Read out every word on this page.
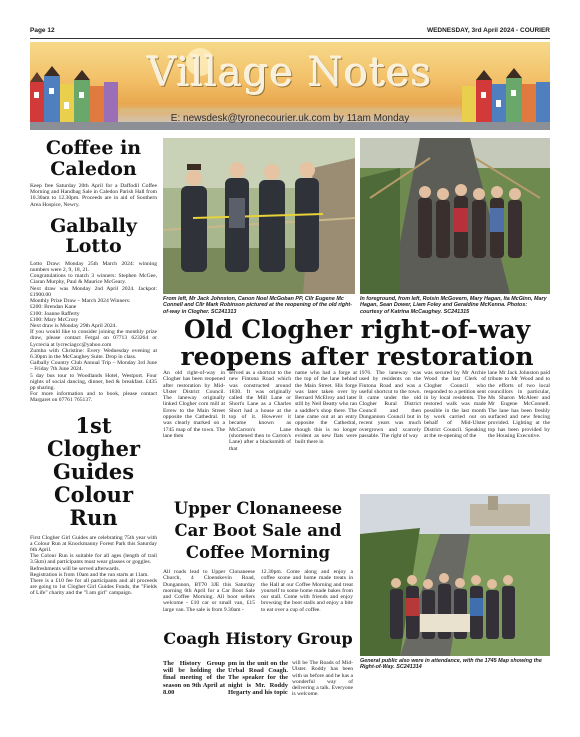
Page 12	WEDNESDAY, 3rd April 2024 - COURIER
Village Notes
E: newsdesk@tyronecourier.uk.com by 11am Monday
Coffee in Caledon
Keep free Saturday 20th April for a Daffodil Coffee Morning and Handbag Sale in Caledon Parish Hall from 10.30am to 12.30pm. Proceeds are in aid of Southern Area Hospice, Newry.
Galbally Lotto

Lotto Draw: Monday 25th March 2024: winning numbers were 2, 9, 18, 21.

Congratulations to match 3 winners: Stephen McGee, Ciaran Murphy, Paul & Maurice McGeary.

Next draw was Monday 2nd April 2024. Jackpot: £1900.00

Monthly Prize Draw – March 2024 Winners:

£200: Brendan Kane

£100: Joanne Rafferty

£100: Mary McCrory

Next draw is Monday 29th April 2024.

If you would like to consider joining the monthly prize draw, please contact Fergal on 07713 623264 or Lycrecia at lycreciagcc@yahoo.com

Zumba with Christine: Every Wednesday evening at 6.30pm in the McCaughey Suite. Drop in class.

Galbally Country Club Annual Trip – Monday 3rd June – Friday 7th June 2024.

5 day bus tour to Woodlands Hotel, Westport. Four nights of social dancing, dinner, bed & breakfast. £435 pp sharing.

For more information and to book, please contact Margaret on 07761 765137.

1st Clogher Guides Colour Run

First Clogher Girl Guides are celebrating 75th year with a Colour Run at Knockmanny Forest Park this Saturday 6th April.

The Colour Run is suitable for all ages (length of trail 3.5km) and participants must wear glasses or goggles.

Refreshments will be served afterwards.

Registration is from 10am and the run starts at 11am.

There is a £10 fee for all participants and all proceeds are going to 1st Clogher Girl Guides Funds, the "Fields of Life" charity and the "I am girl" campaign.

From left, Mr Jack Johnston, Canon Noel McGoban PP, Cllr Eugene Mc Connell and Cllr Mark Robinson pictured at the reopening of the old right-of-way in Clogher. SC241313
In foreground, from left, Roisin McGovern, Mary Hagan, Ita McGinn, Mary Hagan, Sean Dower, Liam Foley and Geraldine McKenna. Photos: courtesy of Katrina McCaughey. SC241315
Old Clogher right-of-way reopens after restoration
An old right-of-way in Clogher has been reopened after restoration by Mid-Ulster District Council. The laneway originally linked Clogher corn mill at Errew to the Main Street opposite the Cathedral. It was clearly marked on a 1745 map of the town. The lane then
served as a shortcut to the new Fintona Road which was constructed around 1830. It was originally called the Mill Lane or Short's Lane as a Charles Short had a house at the top of it. However it became known as McCarron's Lane (shortened then to Carron's Lane) after a blacksmith of that
name who had a forge at the top of the lane behind the Main Street. His forge was later taken over by Bernard McElroy and later still by Neil Beatty who ran a saddler's shop there. The lane came out at an entry opposite the Cathedral, though this is no longer evident as new flats were built there in
1976. The laneway was used by residents on the Fintona Road and was a useful shortcut to the town. It came under the old Clogher Rural District Council and then Dungannon Council but in recent years was much overgrown and scarcely passable. The right of way
was secured by Mr Archie Wood the last Clerk of Clogher Council who responded to a petition sent in by local residents. The restored walk was made possible in the last month by work carried out on behalf of Mid-Ulster District Council. Speaking at the re-opening of the
lane Mr Jack Johnston paid tribute to Mr Wood and to the efforts of two local councillors in particular, Ms Sharon McAleer and Mr Eugene McConnell. The lane has been freshly surfaced and new fencing provided. Lighting at the top has been provided by the Housing Executive.
Upper Clonaneese Car Boot Sale and Coffee Morning
All roads lead to Upper Clonaneese Church, 4 Cloenskevin Road, Dungannon, BT70 3JE this Saturday morning 6th April for a Car Boot Sale and Coffee Morning. All boot sellers welcome - £10 car or small van, £15 large van. The sale is from 9.30am -
12.30pm. Come along and enjoy a coffee scone and home made treats in the Hall at our Coffee Morning and treat yourself to some home made bakes from our stall. Come with friends and enjoy browsing the boot stalls and enjoy a bite to eat over a cup of coffee.
Coagh History Group
The History Group will be holding the final meeting of the season on 9th April at 8.00
pm in the unit on the Urbal Road Coagh. The speaker for the night is Mr. Roddy Hegarty and his topic
will be The Roads of Mid-Ulster. Roddy has been with us before and he has a wonderful way of delivering a talk. Everyone is welcome.
General public also were in attendance, with the 1745 Map showing the Right-of-Way. SC241314
